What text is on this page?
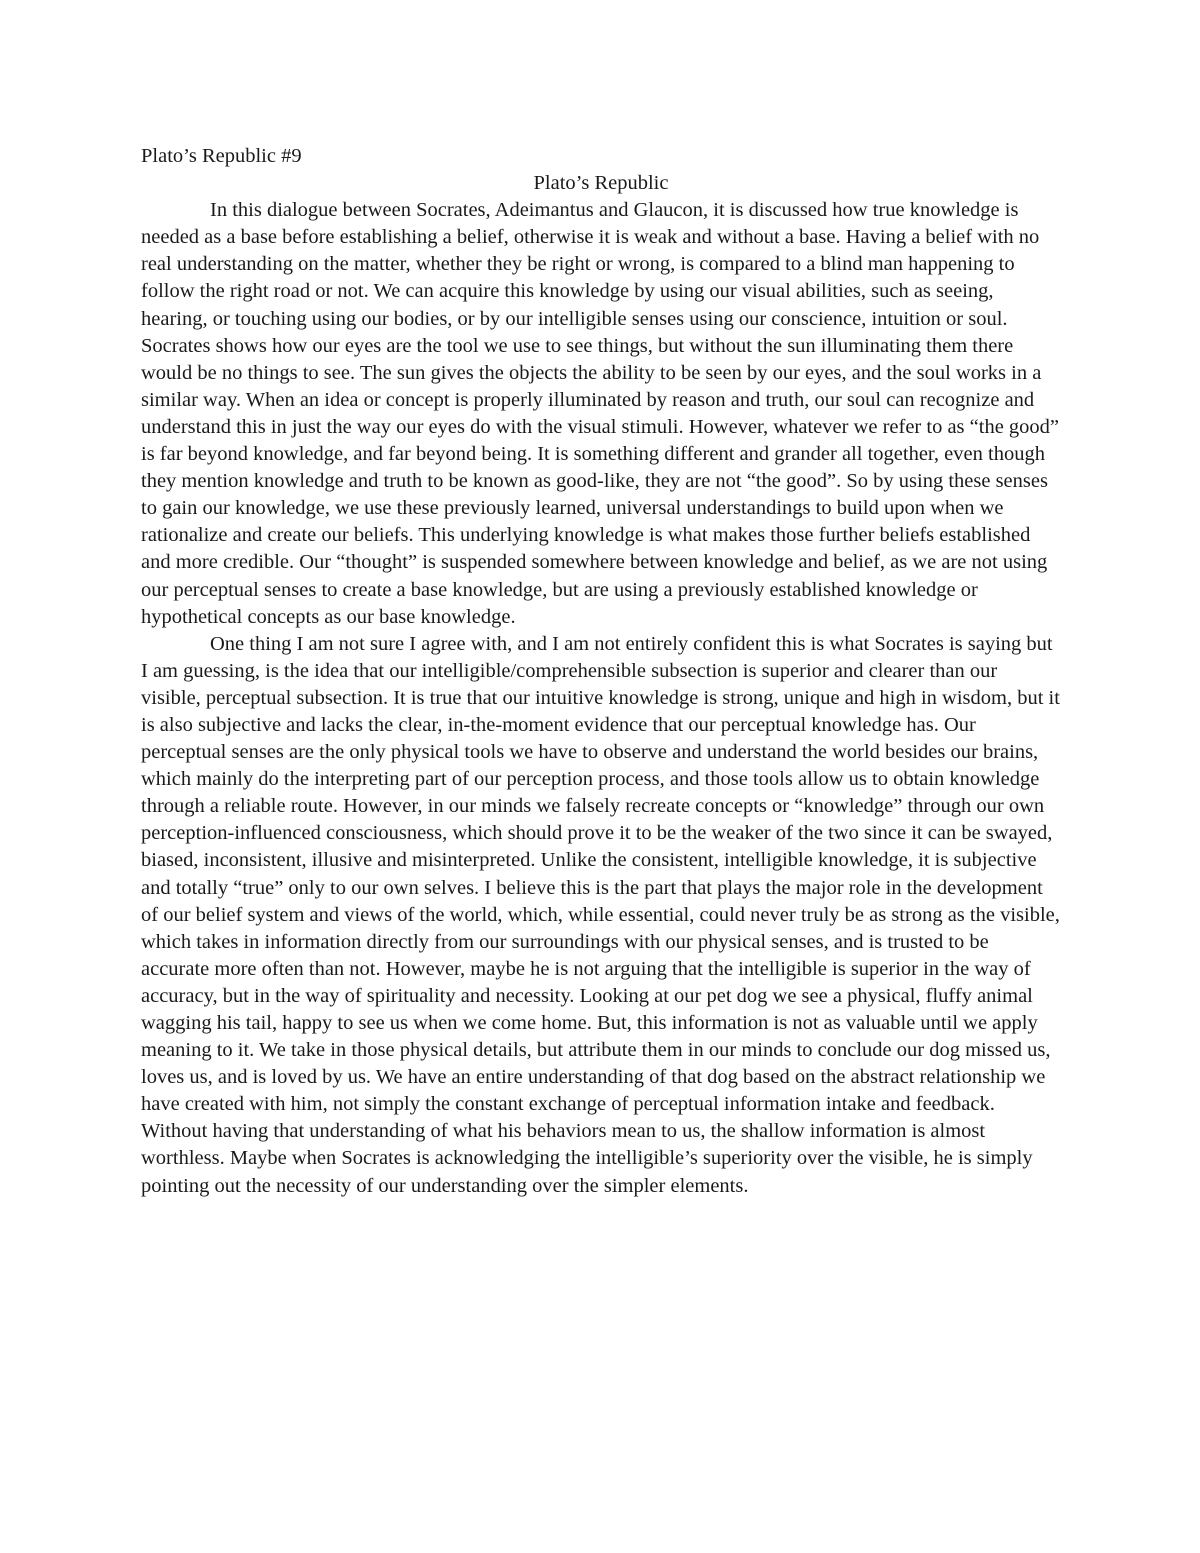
Plato’s Republic #9

Plato’s Republic

In this dialogue between Socrates, Adeimantus and Glaucon, it is discussed how true knowledge is needed as a base before establishing a belief, otherwise it is weak and without a base. Having a belief with no real understanding on the matter, whether they be right or wrong, is compared to a blind man happening to follow the right road or not. We can acquire this knowledge by using our visual abilities, such as seeing, hearing, or touching using our bodies, or by our intelligible senses using our conscience, intuition or soul. Socrates shows how our eyes are the tool we use to see things, but without the sun illuminating them there would be no things to see. The sun gives the objects the ability to be seen by our eyes, and the soul works in a similar way. When an idea or concept is properly illuminated by reason and truth, our soul can recognize and understand this in just the way our eyes do with the visual stimuli. However, whatever we refer to as “the good” is far beyond knowledge, and far beyond being. It is something different and grander all together, even though they mention knowledge and truth to be known as good-like, they are not “the good”. So by using these senses to gain our knowledge, we use these previously learned, universal understandings to build upon when we rationalize and create our beliefs. This underlying knowledge is what makes those further beliefs established and more credible. Our “thought” is suspended somewhere between knowledge and belief, as we are not using our perceptual senses to create a base knowledge, but are using a previously established knowledge or hypothetical concepts as our base knowledge.

One thing I am not sure I agree with, and I am not entirely confident this is what Socrates is saying but I am guessing, is the idea that our intelligible/comprehensible subsection is superior and clearer than our visible, perceptual subsection. It is true that our intuitive knowledge is strong, unique and high in wisdom, but it is also subjective and lacks the clear, in-the-moment evidence that our perceptual knowledge has. Our perceptual senses are the only physical tools we have to observe and understand the world besides our brains, which mainly do the interpreting part of our perception process, and those tools allow us to obtain knowledge through a reliable route. However, in our minds we falsely recreate concepts or “knowledge” through our own perception-influenced consciousness, which should prove it to be the weaker of the two since it can be swayed, biased, inconsistent, illusive and misinterpreted. Unlike the consistent, intelligible knowledge, it is subjective and totally “true” only to our own selves. I believe this is the part that plays the major role in the development of our belief system and views of the world, which, while essential, could never truly be as strong as the visible, which takes in information directly from our surroundings with our physical senses, and is trusted to be accurate more often than not. However, maybe he is not arguing that the intelligible is superior in the way of accuracy, but in the way of spirituality and necessity. Looking at our pet dog we see a physical, fluffy animal wagging his tail, happy to see us when we come home. But, this information is not as valuable until we apply meaning to it. We take in those physical details, but attribute them in our minds to conclude our dog missed us, loves us, and is loved by us. We have an entire understanding of that dog based on the abstract relationship we have created with him, not simply the constant exchange of perceptual information intake and feedback. Without having that understanding of what his behaviors mean to us, the shallow information is almost worthless. Maybe when Socrates is acknowledging the intelligible’s superiority over the visible, he is simply pointing out the necessity of our understanding over the simpler elements.
